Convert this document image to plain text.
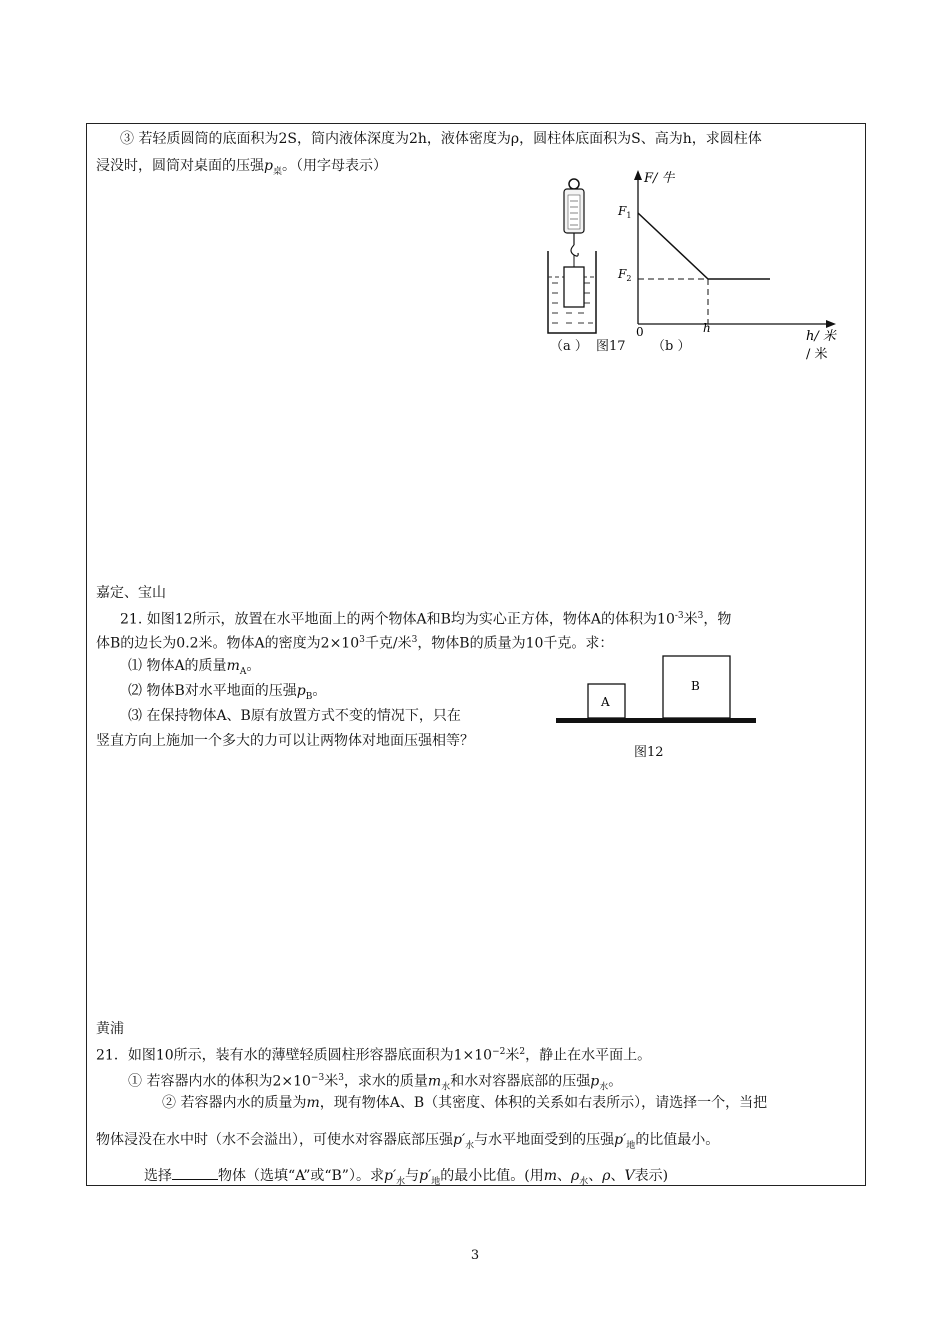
③ 若轻质圆筒的底面积为2S，筒内液体深度为2h，液体密度为ρ，圆柱体底面积为S、高为h，求圆柱体
浸没时，圆筒对桌面的压强$p_桌$。（用字母表示）
F/ 牛
$F_1$
$F_2$
0	h
h/ 米
/ 米
（a ） 图17 （b ）
嘉定、宝山
21. 如图12所示，放置在水平地面上的两个物体A和B均为实心正方体，物体A的体积为$10^{-3}$米$^3$，物
体B的边长为0.2米。物体A的密度为$2\times 10^3$千克/米$^3$，物体B的质量为10千克。求：
⑴ 物体A的质量$m_A$。
⑵ 物体B对水平地面的压强$p_B$。
⑶ 在保持物体A、B原有放置方式不变的情况下，只在
竖直方向上施加一个多大的力可以让两物体对地面压强相等？
A
B
图12
黄浦
21．如图10所示，装有水的薄壁轻质圆柱形容器底面积为$1\times 10^{-2}$米$^2$，静止在水平面上。
① 若容器内水的体积为$2\times 10^{-3}$米$^3$，求水的质量$m_水$和水对容器底部的压强$p_水$。
② 若容器内水的质量为m，现有物体A、B（其密度、体积的关系如右表所示），请选择一个，当把
物体浸没在水中时（水不会溢出），可使水对容器底部压强$p'_水$与水平地面受到的压强$p'_地$的比值最小。
选择	物体（选填“A”或“B”）。求$p'_水$与$p'_地$的最小比值。(用m、$\rho_水$、ρ、V表示)
3
